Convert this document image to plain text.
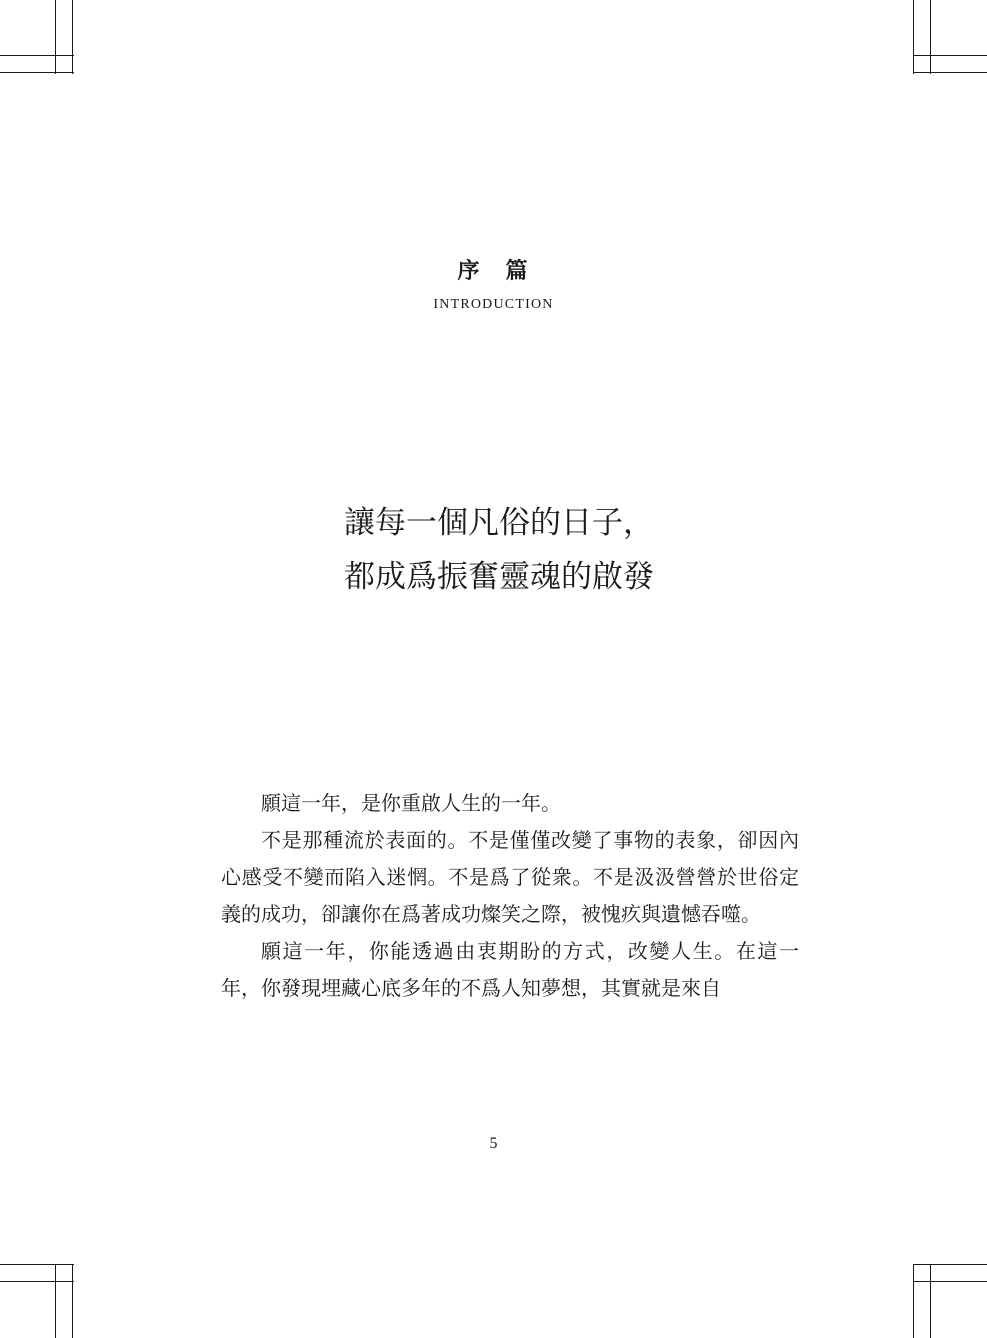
序　篇
INTRODUCTION
讓每一個凡俗的日子，
都成爲振奮靈魂的啟發

願這一年，是你重啟人生的一年。

不是那種流於表面的。不是僅僅改變了事物的表象，卻因內心感受不變而陷入迷惘。不是爲了從衆。不是汲汲營營於世俗定義的成功，卻讓你在爲著成功燦笑之際，被愧疚與遺憾吞噬。

願這一年，你能透過由衷期盼的方式，改變人生。在這一年，你發現埋藏心底多年的不爲人知夢想，其實就是來自

5
